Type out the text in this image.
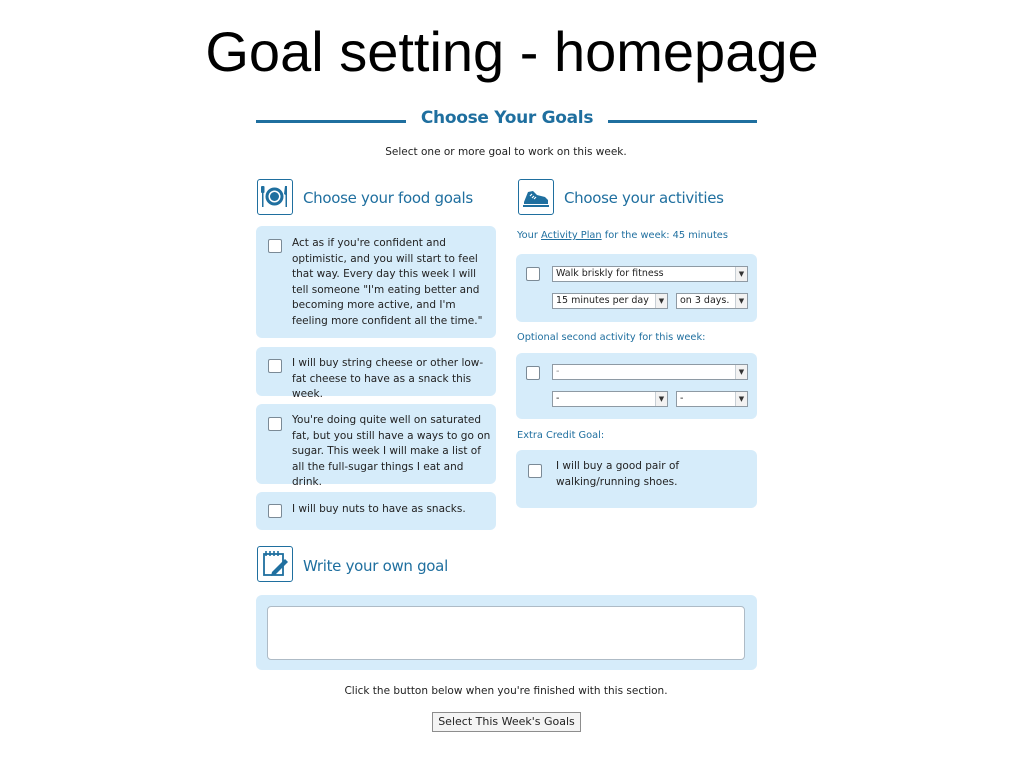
Goal setting - homepage
Choose Your Goals
Select one or more goal to work on this week.
Choose your food goals
Act as if you're confident and optimistic, and you will start to feel that way. Every day this week I will tell someone "I'm eating better and becoming more active, and I'm feeling more confident all the time."
I will buy string cheese or other low-fat cheese to have as a snack this week.
You're doing quite well on saturated fat, but you still have a ways to go on sugar. This week I will make a list of all the full-sugar things I eat and drink.
I will buy nuts to have as snacks.
Choose your activities
Your Activity Plan for the week: 45 minutes
Walk briskly for fitness	▼
15 minutes per day	▼	on 3 days.	▼
Optional second activity for this week:
-	▼
-	▼	-	▼
Extra Credit Goal:
I will buy a good pair of walking/running shoes.
Write your own goal
Click the button below when you're finished with this section.
Select This Week's Goals
